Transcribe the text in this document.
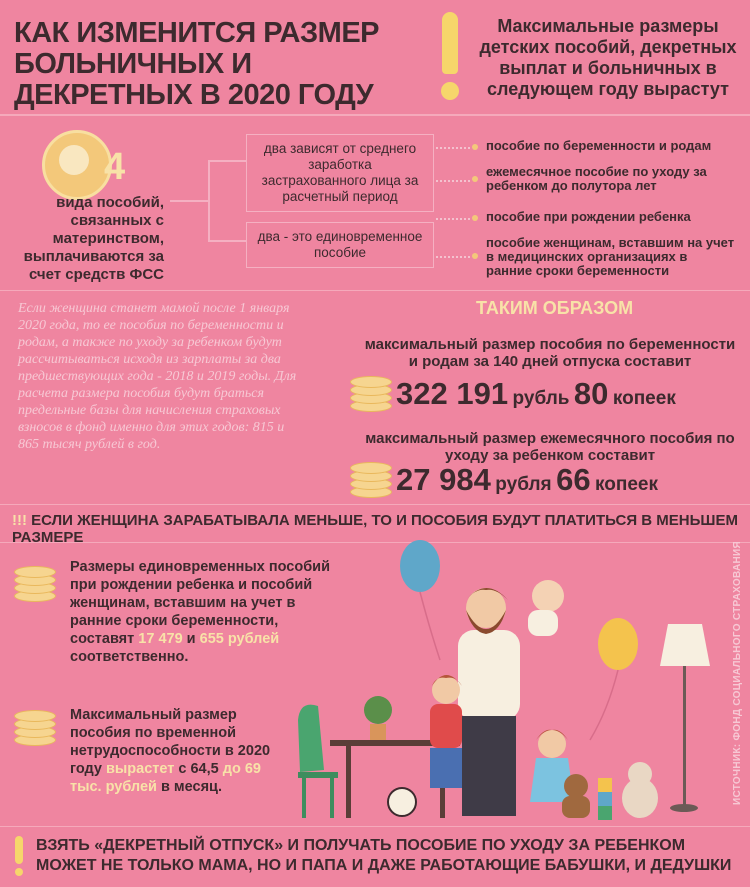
КАК ИЗМЕНИТСЯ РАЗМЕР БОЛЬНИЧНЫХ И ДЕКРЕТНЫХ В 2020 ГОДУ
Максимальные размеры детских пособий, декретных выплат и больничных в следующем году вырастут
4
вида пособий, связанных с материнством, выплачиваются за счет средств ФСС
два зависят от среднего заработка застрахованного лица за расчетный период
два - это единовременное пособие
пособие по беременности и родам
ежемесячное пособие по уходу за ребенком до полутора лет
пособие при рождении ребенка
пособие женщинам, вставшим на учет в медицинских организациях в ранние сроки беременности
Если женщина станет мамой после 1 января 2020 года, то ее пособия по беременности и родам, а также по уходу за ребенком будут рассчитываться исходя из зарплаты за два предшествующих года - 2018 и 2019 годы. Для расчета размера пособия будут браться предельные базы для начисления страховых взносов в фонд именно для этих годов: 815 и 865 тысяч рублей в год.
ТАКИМ ОБРАЗОМ
максимальный размер пособия по беременности и родам за 140 дней отпуска составит
322 191 рубль 80 копеек
максимальный размер ежемесячного пособия по уходу за ребенком составит
27 984 рубля 66 копеек
!!! ЕСЛИ ЖЕНЩИНА ЗАРАБАТЫВАЛА МЕНЬШЕ, ТО И ПОСОБИЯ БУДУТ ПЛАТИТЬСЯ В МЕНЬШЕМ РАЗМЕРЕ
Размеры единовременных пособий при рождении ребенка и пособий женщинам, вставшим на учет в ранние сроки беременности, составят 17 479 и 655 рублей соответственно.
Максимальный размер пособия по временной нетрудоспособности в 2020 году вырастет с 64,5 до 69 тыс. рублей в месяц.	ИСТОЧНИК: ФОНД СОЦИАЛЬНОГО СТРАХОВАНИЯ
ВЗЯТЬ «ДЕКРЕТНЫЙ ОТПУСК» И ПОЛУЧАТЬ ПОСОБИЕ ПО УХОДУ ЗА РЕБЕНКОМ МОЖЕТ НЕ ТОЛЬКО МАМА, НО И ПАПА И ДАЖЕ РАБОТАЮЩИЕ БАБУШКИ, И ДЕДУШКИ
